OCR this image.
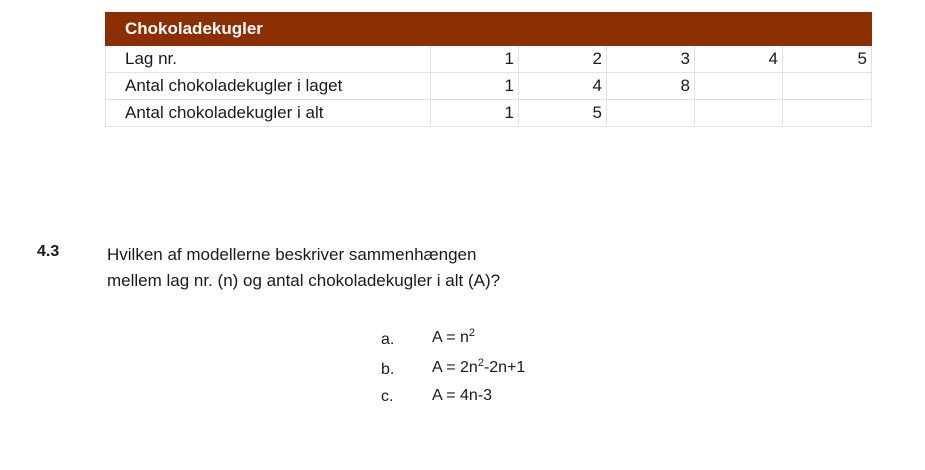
Chokoladekugler					
Lag nr.	1	2	3	4	5
Antal chokoladekugler i laget	1	4	8		
Antal chokoladekugler i alt	1	5			
4.3	Hvilken af modellerne beskriver sammenhængen
mellem lag nr. (n) og antal chokoladekugler i alt (A)?
a. $A = n^2$
b. $A = 2n^2-2n+1$
c. A = 4n-3
